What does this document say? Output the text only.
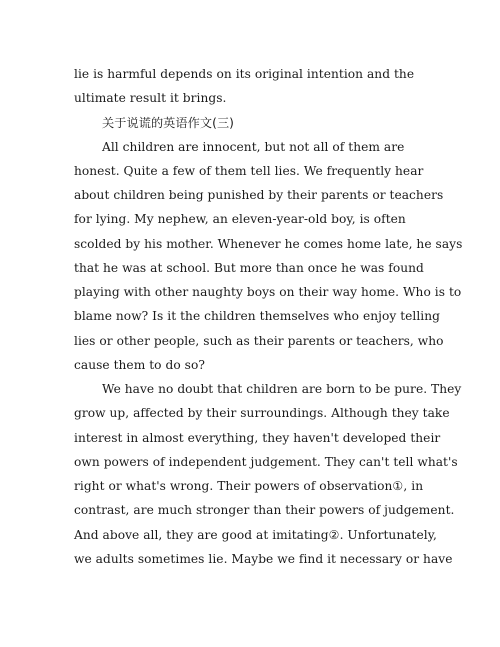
lie is harmful depends on its original intention and the
ultimate result it brings.
关于说谎的英语作文(三)
All children are innocent, but not all of them are
honest. Quite a few of them tell lies. We frequently hear
about children being punished by their parents or teachers
for lying. My nephew, an eleven-year-old boy, is often
scolded by his mother. Whenever he comes home late, he says
that he was at school. But more than once he was found
playing with other naughty boys on their way home. Who is to
blame now? Is it the children themselves who enjoy telling
lies or other people, such as their parents or teachers, who
cause them to do so?
We have no doubt that children are born to be pure. They
grow up, affected by their surroundings. Although they take
interest in almost everything, they haven't developed their
own powers of independent judgement. They can't tell what's
right or what's wrong. Their powers of observation①, in
contrast, are much stronger than their powers of judgement.
And above all, they are good at imitating②. Unfortunately,
we adults sometimes lie. Maybe we find it necessary or have
